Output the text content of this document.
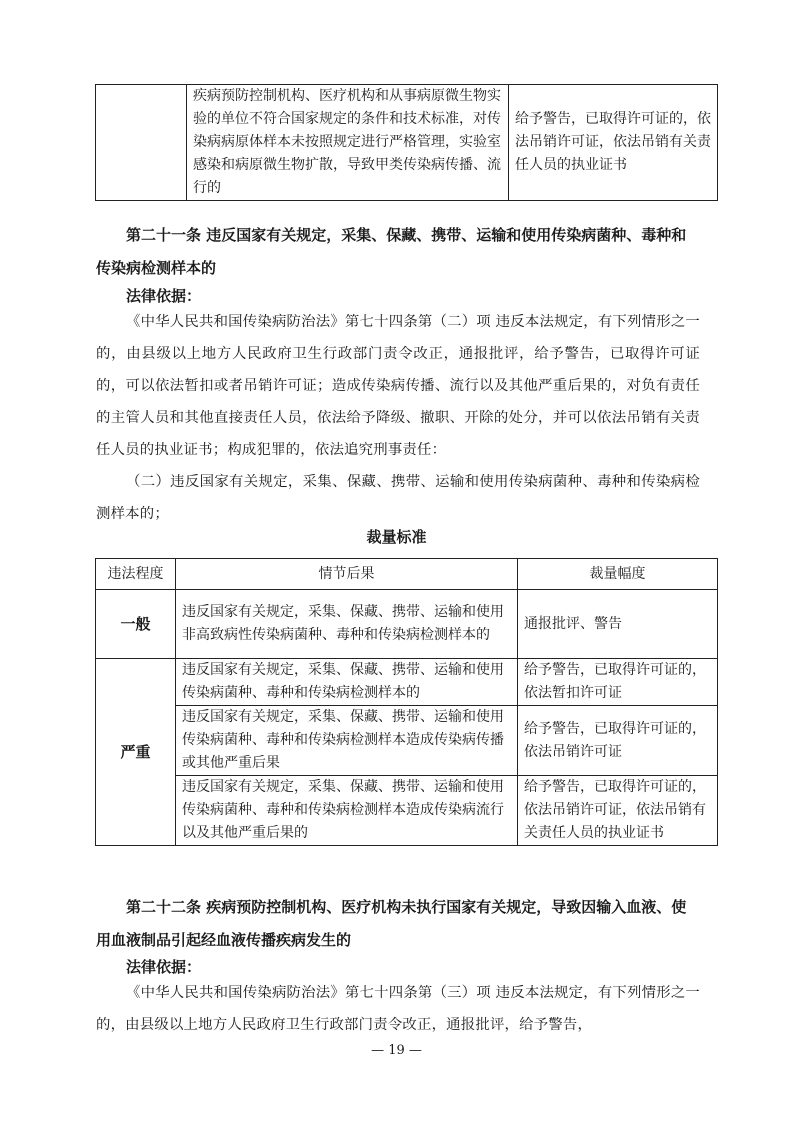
	疾病预防控制机构、医疗机构和从事病原微生物实验的单位不符合国家规定的条件和技术标准，对传染病病原体样本未按照规定进行严格管理，实验室感染和病原微生物扩散，导致甲类传染病传播、流行的	给予警告，已取得许可证的，依法吊销许可证，依法吊销有关责任人员的执业证书
第二十一条 违反国家有关规定，采集、保藏、携带、运输和使用传染病菌种、毒种和传染病检测样本的
法律依据：
《中华人民共和国传染病防治法》第七十四条第（二）项 违反本法规定，有下列情形之一的，由县级以上地方人民政府卫生行政部门责令改正，通报批评，给予警告，已取得许可证的，可以依法暂扣或者吊销许可证；造成传染病传播、流行以及其他严重后果的，对负有责任的主管人员和其他直接责任人员，依法给予降级、撤职、开除的处分，并可以依法吊销有关责任人员的执业证书；构成犯罪的，依法追究刑事责任：
（二）违反国家有关规定，采集、保藏、携带、运输和使用传染病菌种、毒种和传染病检测样本的；
裁量标准
违法程度	情节后果	裁量幅度
一般	违反国家有关规定，采集、保藏、携带、运输和使用非高致病性传染病菌种、毒种和传染病检测样本的	通报批评、警告
严重	违反国家有关规定，采集、保藏、携带、运输和使用传染病菌种、毒种和传染病检测样本的	给予警告，已取得许可证的，依法暂扣许可证
	违反国家有关规定，采集、保藏、携带、运输和使用传染病菌种、毒种和传染病检测样本造成传染病传播或其他严重后果	给予警告，已取得许可证的，依法吊销许可证
	违反国家有关规定，采集、保藏、携带、运输和使用传染病菌种、毒种和传染病检测样本造成传染病流行以及其他严重后果的	给予警告，已取得许可证的，依法吊销许可证，依法吊销有关责任人员的执业证书
第二十二条 疾病预防控制机构、医疗机构未执行国家有关规定，导致因输入血液、使用血液制品引起经血液传播疾病发生的
法律依据：
《中华人民共和国传染病防治法》第七十四条第（三）项 违反本法规定，有下列情形之一的，由县级以上地方人民政府卫生行政部门责令改正，通报批评，给予警告，
— 19 —
